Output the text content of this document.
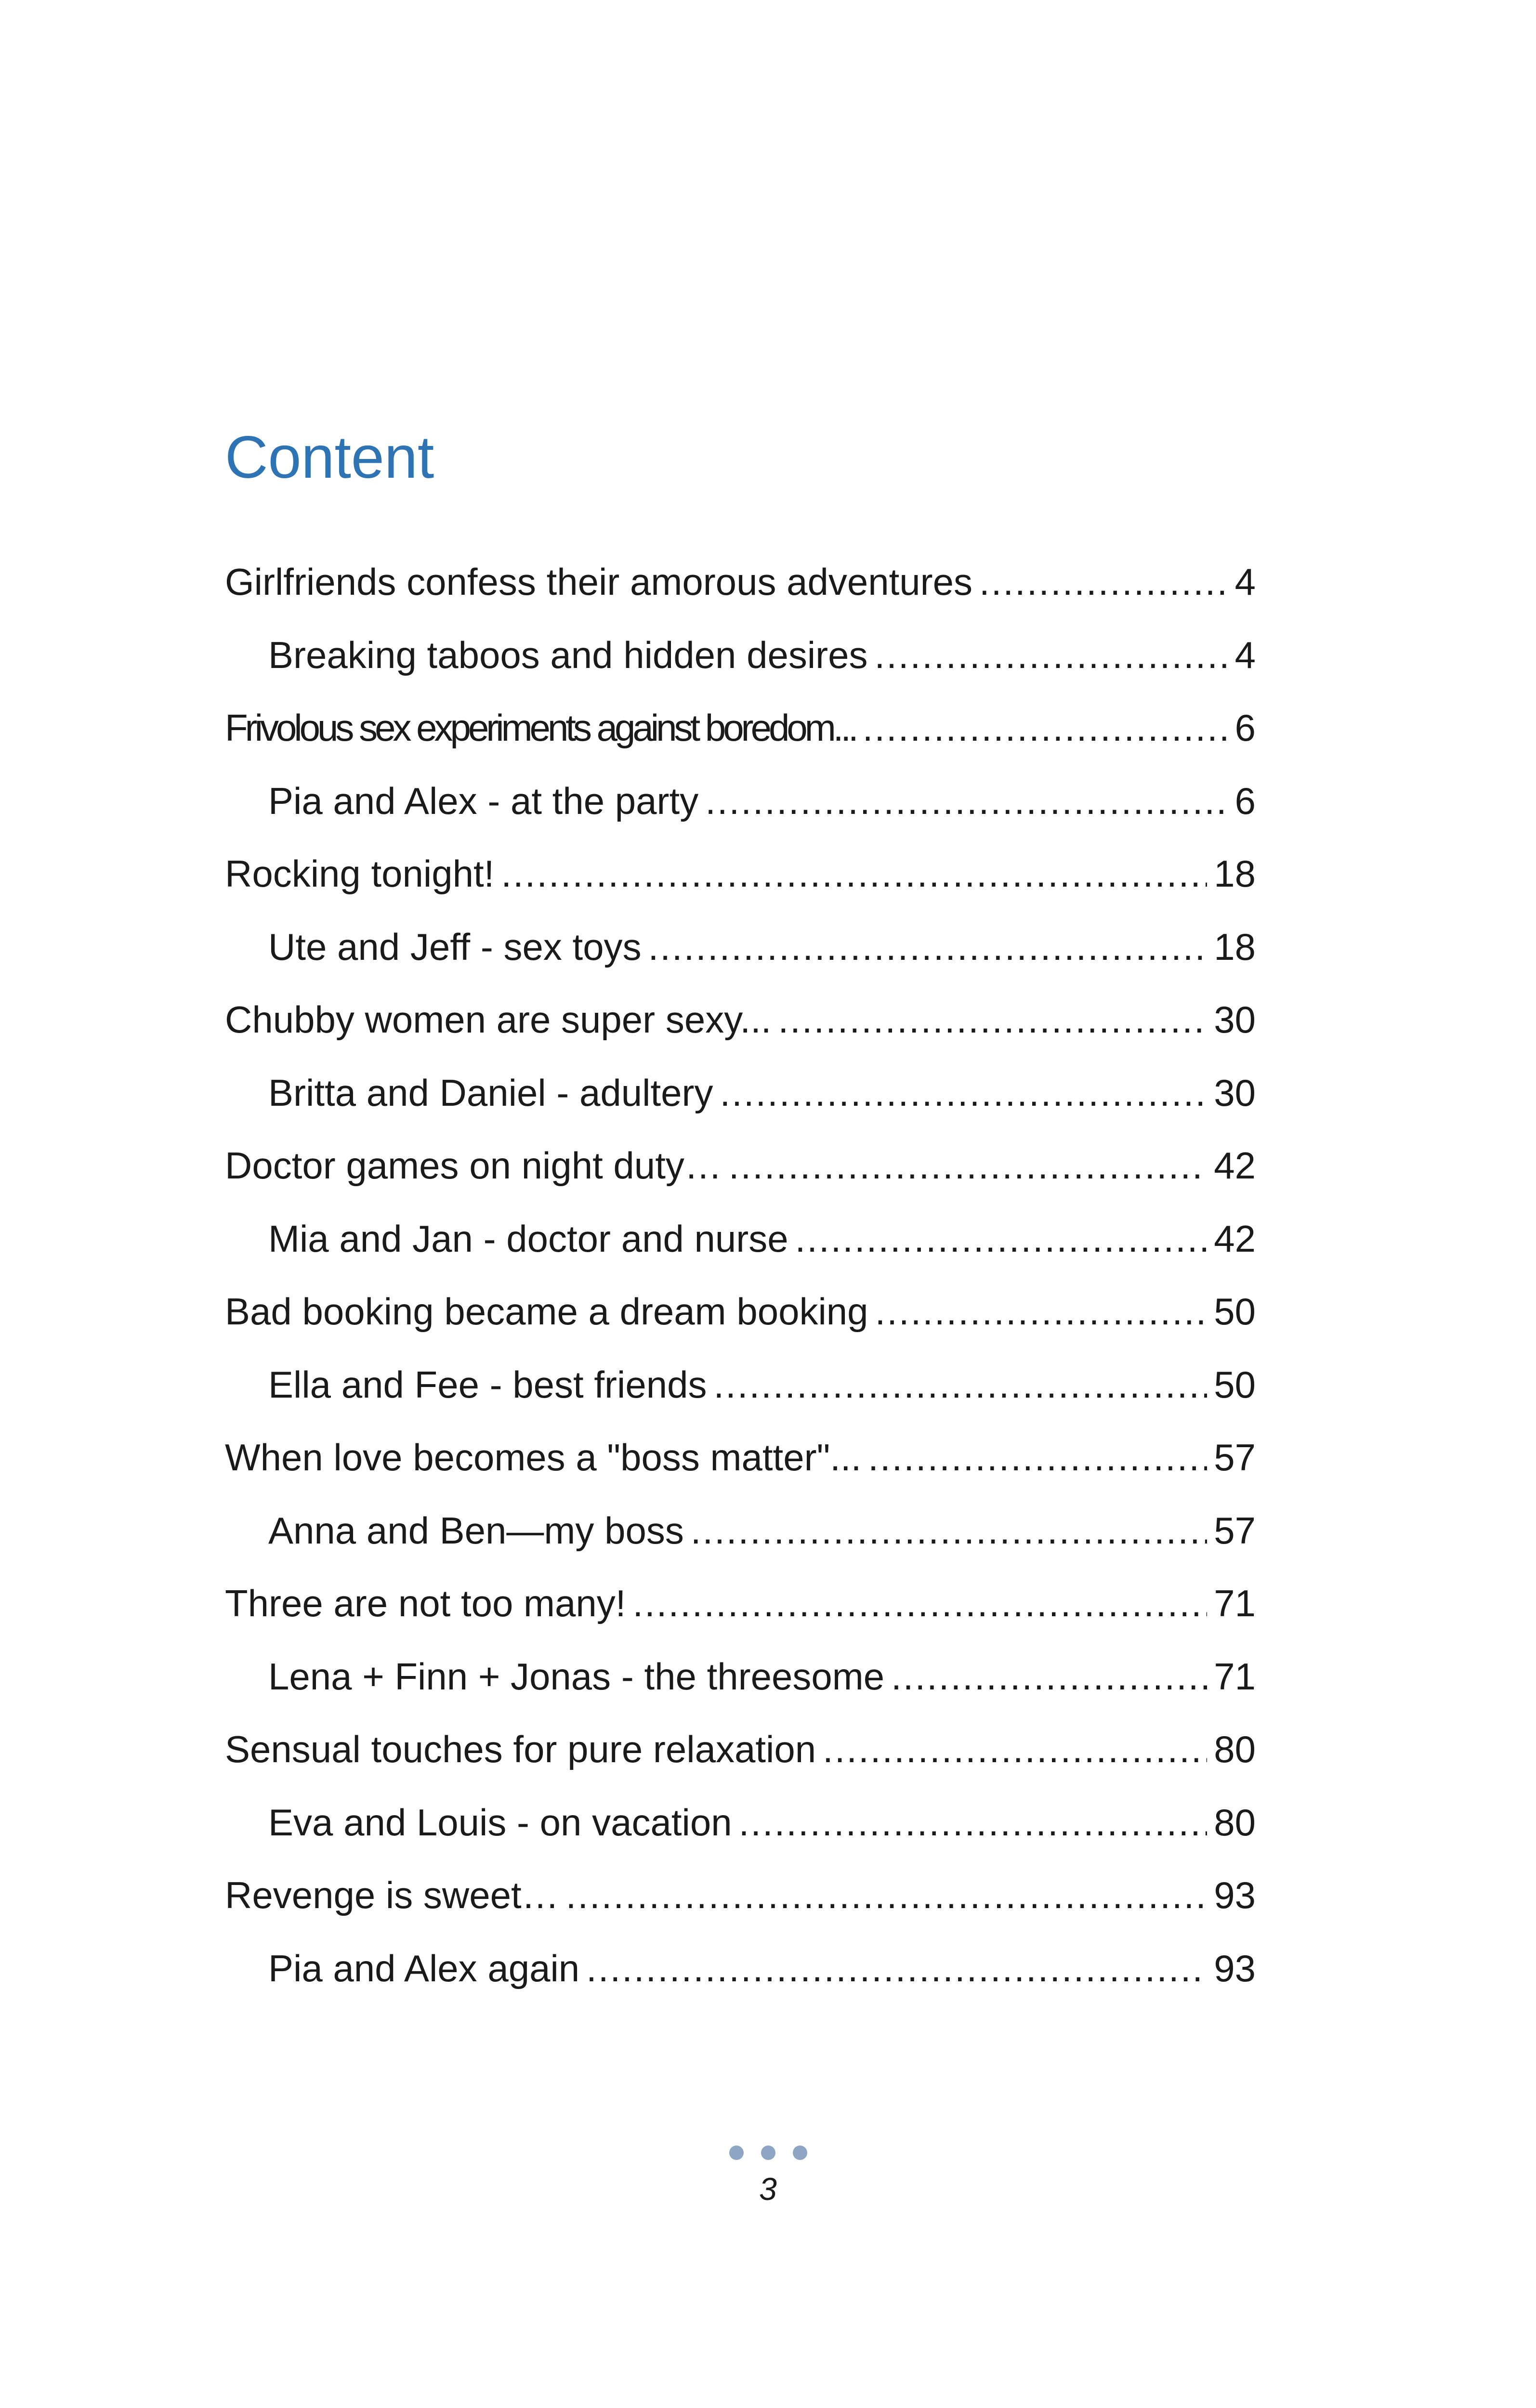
Content
Girlfriends confess their amorous adventures .....	4
Breaking taboos and hidden desires .....	4
Frivolous sex experiments against boredom... .....	6
Pia and Alex - at the party .....	6
Rocking tonight! .....	18
Ute and Jeff - sex toys .....	18
Chubby women are super sexy... .....	30
Britta and Daniel - adultery .....	30
Doctor games on night duty… .....	42
Mia and Jan - doctor and nurse .....	42
Bad booking became a dream booking .....	50
Ella and Fee - best friends .....	50
When love becomes a "boss matter"... .....	57
Anna and Ben—my boss .....	57
Three are not too many! .....	71
Lena + Finn + Jonas - the threesome .....	71
Sensual touches for pure relaxation .....	80
Eva and Louis - on vacation .....	80
Revenge is sweet… .....	93
Pia and Alex again .....	93
3
